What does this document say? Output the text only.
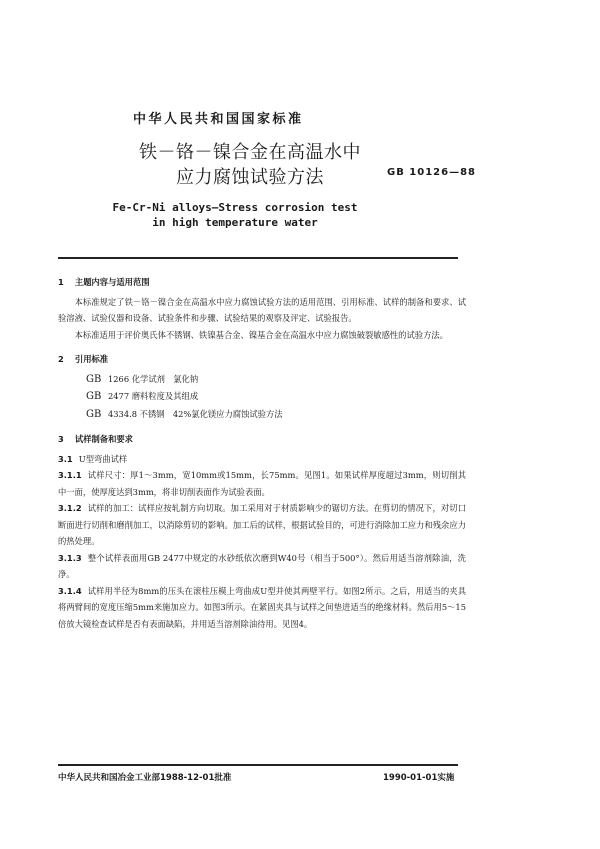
中华人民共和国国家标准
铁－铬－镍合金在高温水中
应力腐蚀试验方法	GB 10126—88
Fe-Cr-Ni alloys—Stress corrosion test
in high temperature water
1 主题内容与适用范围

本标准规定了铁－铬－镍合金在高温水中应力腐蚀试验方法的适用范围、引用标准、试样的制备和要求、试验溶液、试验仪器和设备、试验条件和步骤、试验结果的观察及评定、试验报告。

本标准适用于评价奥氏体不锈钢、铁镍基合金、镍基合金在高温水中应力腐蚀破裂敏感性的试验方法。

2 引用标准
GB 1266 化学试剂　氯化钠
GB 2477 磨料粒度及其组成
GB 4334.8 不锈钢　42%氯化镁应力腐蚀试验方法
3 试样制备和要求

3.1 U型弯曲试样

3.1.1 试样尺寸：厚1～3mm，宽10mm或15mm，长75mm。见图1。如果试样厚度超过3mm，则切削其中一面，使厚度达到3mm，将非切削表面作为试验表面。

3.1.2 试样的加工：试样应按轧制方向切取。加工采用对于材质影响少的锯切方法。在剪切的情况下，对切口断面进行切削和磨削加工，以消除剪切的影响。加工后的试样，根据试验目的，可进行消除加工应力和残余应力的热处理。

3.1.3 整个试样表面用GB 2477中规定的水砂纸依次磨到W40号（相当于500°）。然后用适当溶剂除油，洗净。

3.1.4 试样用半径为8mm的压头在滚柱压模上弯曲成U型并使其两壁平行。如图2所示。之后，用适当的夹具将两臂间的宽度压缩5mm来施加应力。如图3所示。在紧固夹具与试样之间垫进适当的绝缘材料。然后用5～15倍放大镜检查试样是否有表面缺陷，并用适当溶剂除油待用。见图4。

中华人民共和国冶金工业部1988-12-01批准	1990-01-01实施
